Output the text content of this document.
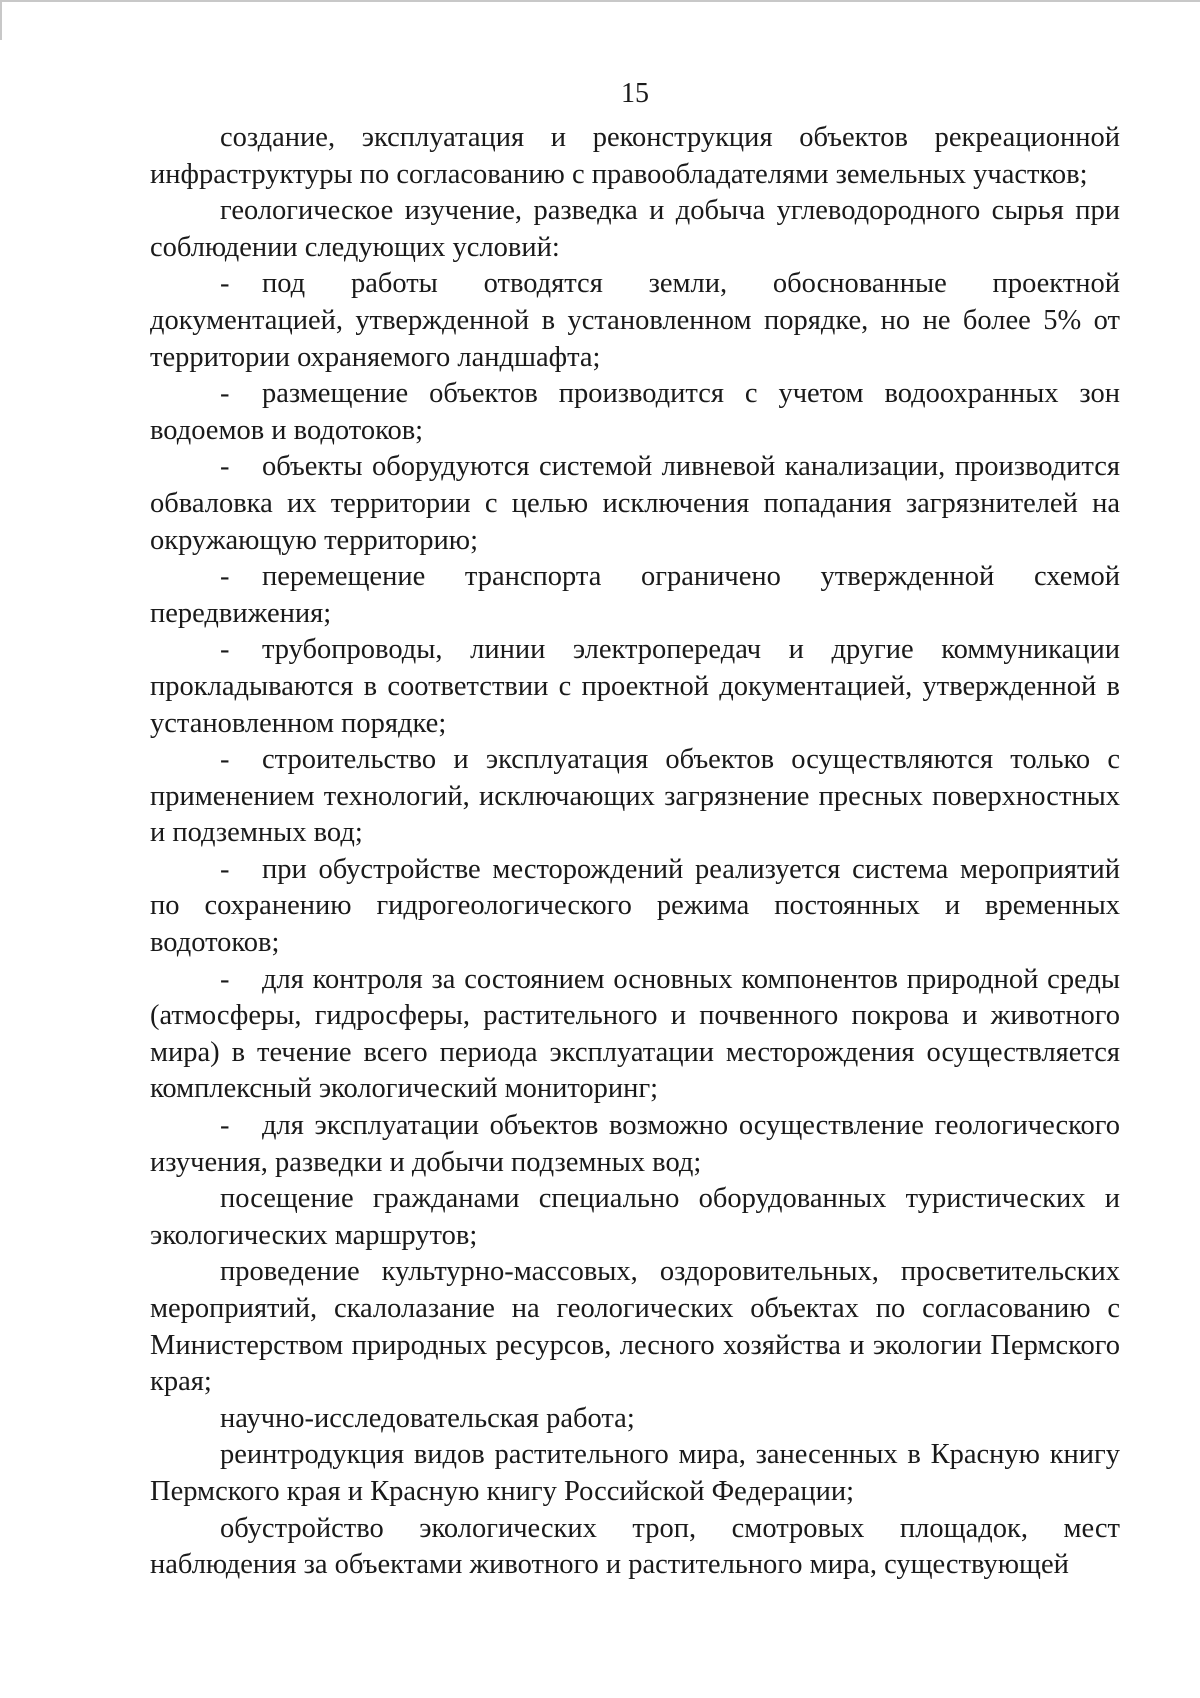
15

создание, эксплуатация и реконструкция объектов рекреационной инфраструктуры по согласованию с правообладателями земельных участков;

геологическое изучение, разведка и добыча углеводородного сырья при соблюдении следующих условий:

- под работы отводятся земли, обоснованные проектной документацией, утвержденной в установленном порядке, но не более 5% от территории охраняемого ландшафта;

- размещение объектов производится с учетом водоохранных зон водоемов и водотоков;

- объекты оборудуются системой ливневой канализации, производится обваловка их территории с целью исключения попадания загрязнителей на окружающую территорию;

- перемещение транспорта ограничено утвержденной схемой передвижения;

- трубопроводы, линии электропередач и другие коммуникации прокладываются в соответствии с проектной документацией, утвержденной в установленном порядке;

- строительство и эксплуатация объектов осуществляются только с применением технологий, исключающих загрязнение пресных поверхностных и подземных вод;

- при обустройстве месторождений реализуется система мероприятий по сохранению гидрогеологического режима постоянных и временных водотоков;

- для контроля за состоянием основных компонентов природной среды (атмосферы, гидросферы, растительного и почвенного покрова и животного мира) в течение всего периода эксплуатации месторождения осуществляется комплексный экологический мониторинг;

- для эксплуатации объектов возможно осуществление геологического изучения, разведки и добычи подземных вод;

посещение гражданами специально оборудованных туристических и экологических маршрутов;

проведение культурно-массовых, оздоровительных, просветительских мероприятий, скалолазание на геологических объектах по согласованию с Министерством природных ресурсов, лесного хозяйства и экологии Пермского края;

научно-исследовательская работа;

реинтродукция видов растительного мира, занесенных в Красную книгу Пермского края и Красную книгу Российской Федерации;

обустройство экологических троп, смотровых площадок, мест наблюдения за объектами животного и растительного мира, существующей
